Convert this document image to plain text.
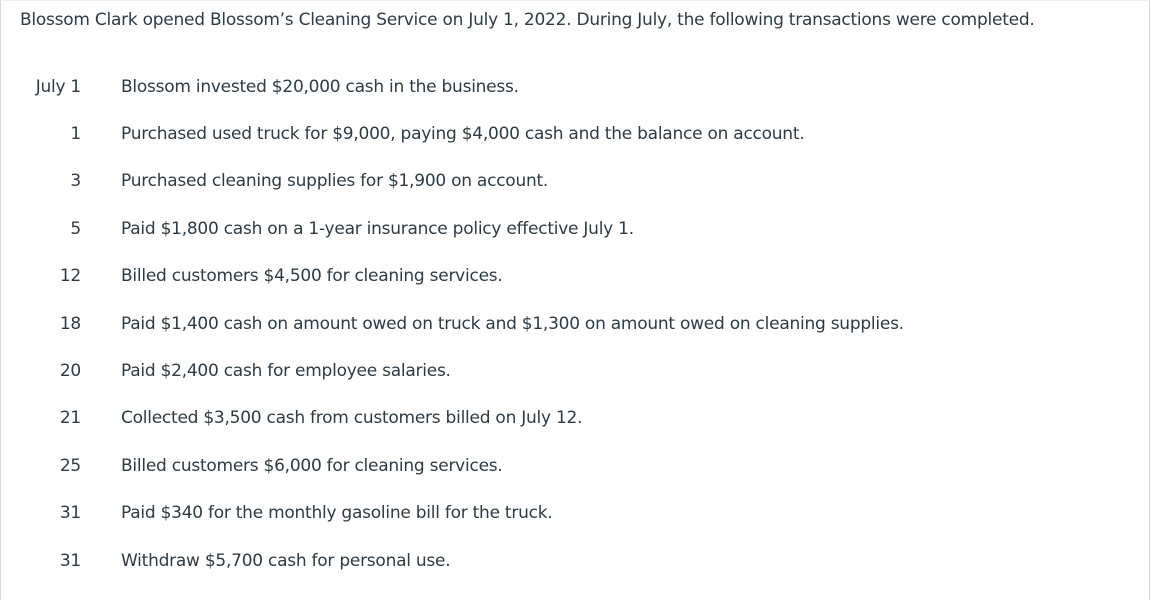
Blossom Clark opened Blossom’s Cleaning Service on July 1, 2022. During July, the following transactions were completed.
July 1		Blossom invested $20,000 cash in the business.
1		Purchased used truck for $9,000, paying $4,000 cash and the balance on account.
3		Purchased cleaning supplies for $1,900 on account.
5		Paid $1,800 cash on a 1-year insurance policy effective July 1.
12		Billed customers $4,500 for cleaning services.
18		Paid $1,400 cash on amount owed on truck and $1,300 on amount owed on cleaning supplies.
20		Paid $2,400 cash for employee salaries.
21		Collected $3,500 cash from customers billed on July 12.
25		Billed customers $6,000 for cleaning services.
31		Paid $340 for the monthly gasoline bill for the truck.
31		Withdraw $5,700 cash for personal use.
